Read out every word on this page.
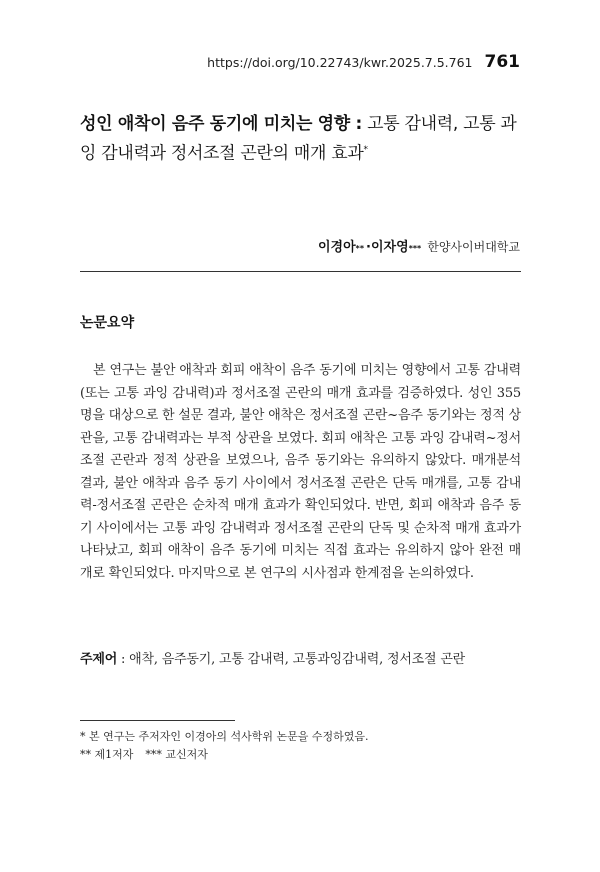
https://doi.org/10.22743/kwr.2025.7.5.761 761
성인 애착이 음주 동기에 미치는 영향 : 고통 감내력, 고통 과잉 감내력과 정서조절 곤란의 매개 효과*
이경아 ** · 이자영 *** 한양사이버대학교
논문요약

본 연구는 불안 애착과 회피 애착이 음주 동기에 미치는 영향에서 고통 감내력(또는 고통 과잉 감내력)과 정서조절 곤란의 매개 효과를 검증하였다. 성인 355명을 대상으로 한 설문 결과, 불안 애착은 정서조절 곤란~음주 동기와는 정적 상관을, 고통 감내력과는 부적 상관을 보였다. 회피 애착은 고통 과잉 감내력~정서조절 곤란과 정적 상관을 보였으나, 음주 동기와는 유의하지 않았다. 매개분석 결과, 불안 애착과 음주 동기 사이에서 정서조절 곤란은 단독 매개를, 고통 감내력-정서조절 곤란은 순차적 매개 효과가 확인되었다. 반면, 회피 애착과 음주 동기 사이에서는 고통 과잉 감내력과 정서조절 곤란의 단독 및 순차적 매개 효과가 나타났고, 회피 애착이 음주 동기에 미치는 직접 효과는 유의하지 않아 완전 매개로 확인되었다. 마지막으로 본 연구의 시사점과 한계점을 논의하였다.

주제어 : 애착, 음주동기, 고통 감내력, 고통과잉감내력, 정서조절 곤란
* 본 연구는 주저자인 이경아의 석사학위 논문을 수정하였음.
** 제1저자 *** 교신저자
